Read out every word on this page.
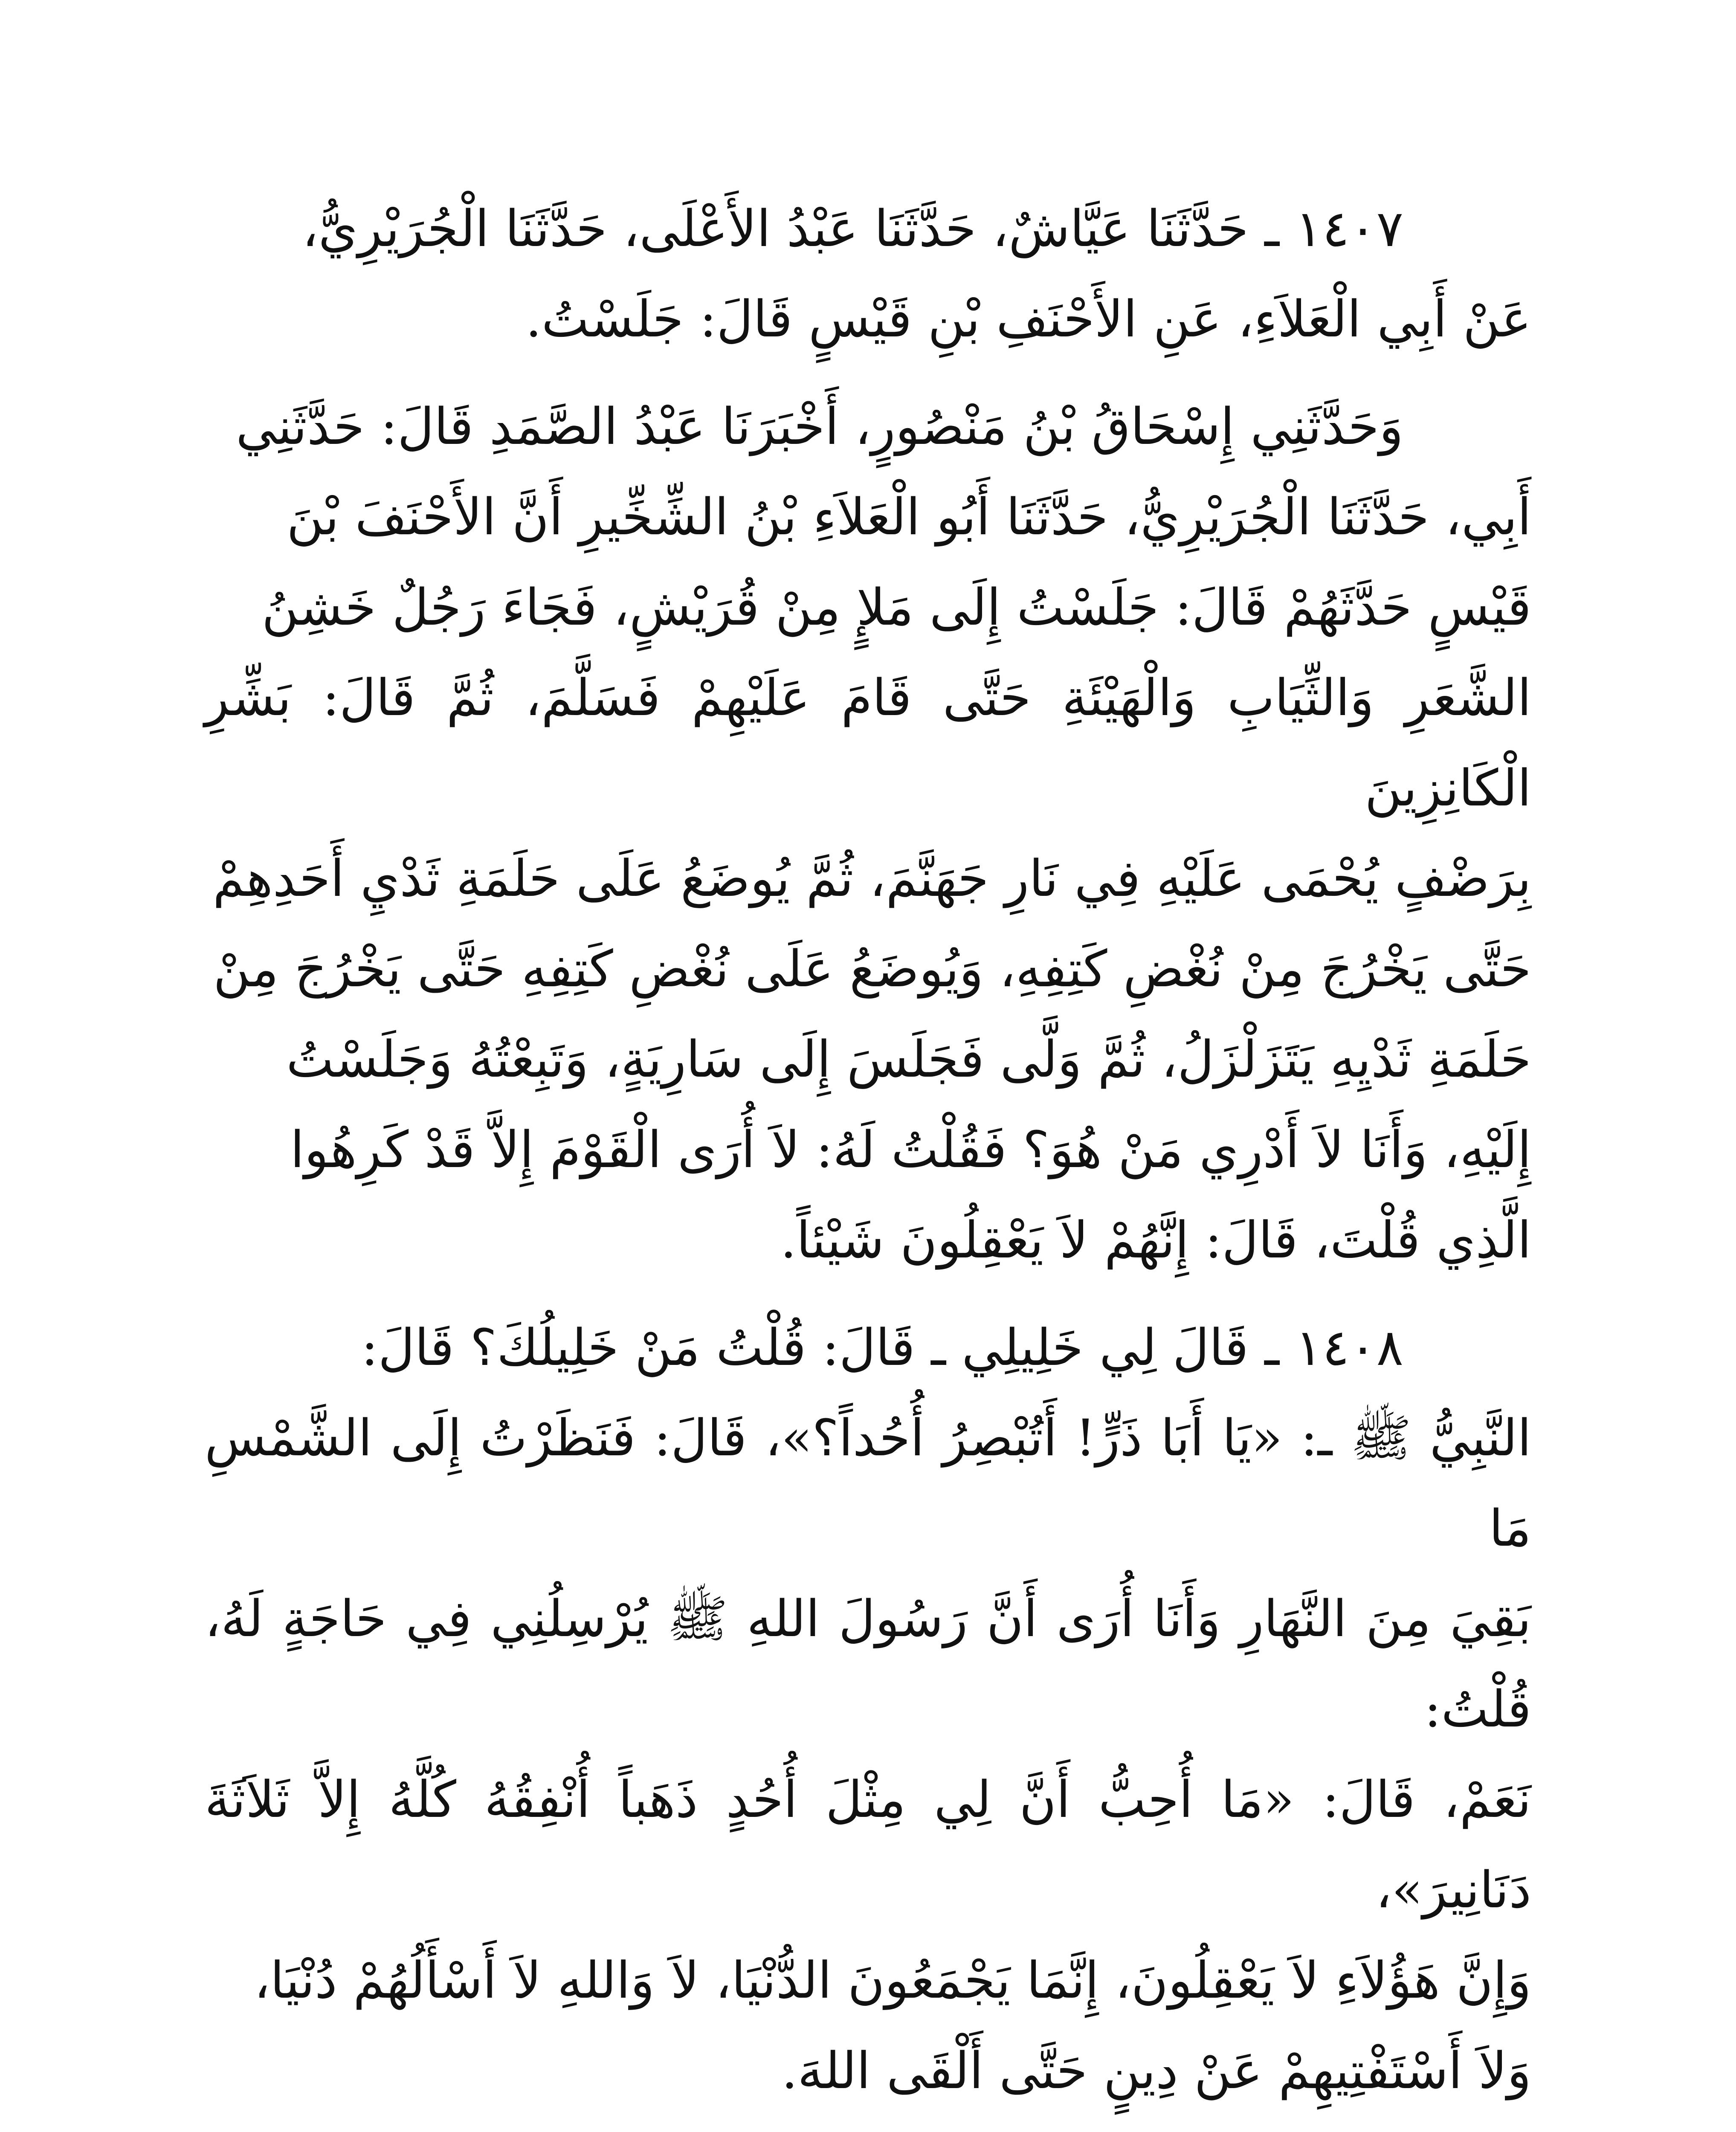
١٤٠٧ ـ حَدَّثَنَا عَيَّاشٌ، حَدَّثَنَا عَبْدُ الأَعْلَى، حَدَّثَنَا الْجُرَيْرِيُّ،
عَنْ أَبِي الْعَلاَءِ، عَنِ الأَحْنَفِ بْنِ قَيْسٍ قَالَ: جَلَسْتُ.

وَحَدَّثَنِي إِسْحَاقُ بْنُ مَنْصُورٍ، أَخْبَرَنَا عَبْدُ الصَّمَدِ قَالَ: حَدَّثَنِي
أَبِي، حَدَّثَنَا الْجُرَيْرِيُّ، حَدَّثَنَا أَبُو الْعَلاَءِ بْنُ الشِّخِّيرِ أَنَّ الأَحْنَفَ بْنَ
قَيْسٍ حَدَّثَهُمْ قَالَ: جَلَسْتُ إِلَى مَلإٍ مِنْ قُرَيْشٍ، فَجَاءَ رَجُلٌ خَشِنُ
الشَّعَرِ وَالثِّيَابِ وَالْهَيْئَةِ حَتَّى قَامَ عَلَيْهِمْ فَسَلَّمَ، ثُمَّ قَالَ: بَشِّرِ الْكَانِزِينَ
بِرَضْفٍ يُحْمَى عَلَيْهِ فِي نَارِ جَهَنَّمَ، ثُمَّ يُوضَعُ عَلَى حَلَمَةِ ثَدْيِ أَحَدِهِمْ
حَتَّى يَخْرُجَ مِنْ نُغْضِ كَتِفِهِ، وَيُوضَعُ عَلَى نُغْضِ كَتِفِهِ حَتَّى يَخْرُجَ مِنْ
حَلَمَةِ ثَدْيِهِ يَتَزَلْزَلُ، ثُمَّ وَلَّى فَجَلَسَ إِلَى سَارِيَةٍ، وَتَبِعْتُهُ وَجَلَسْتُ
إِلَيْهِ، وَأَنَا لاَ أَدْرِي مَنْ هُوَ؟ فَقُلْتُ لَهُ: لاَ أُرَى الْقَوْمَ إِلاَّ قَدْ كَرِهُوا
الَّذِي قُلْتَ، قَالَ: إِنَّهُمْ لاَ يَعْقِلُونَ شَيْئاً.

١٤٠٨ ـ قَالَ لِي خَلِيلِي ـ قَالَ: قُلْتُ مَنْ خَلِيلُكَ؟ قَالَ:
النَّبِيُّ ﷺ ـ: «يَا أَبَا ذَرٍّ! أَتُبْصِرُ أُحُداً؟»، قَالَ: فَنَظَرْتُ إِلَى الشَّمْسِ مَا
بَقِيَ مِنَ النَّهَارِ وَأَنَا أُرَى أَنَّ رَسُولَ اللهِ ﷺ يُرْسِلُنِي فِي حَاجَةٍ لَهُ، قُلْتُ:
نَعَمْ، قَالَ: «مَا أُحِبُّ أَنَّ لِي مِثْلَ أُحُدٍ ذَهَباً أُنْفِقُهُ كُلَّهُ إِلاَّ ثَلاَثَةَ دَنَانِيرَ»،
وَإِنَّ هَؤُلاَءِ لاَ يَعْقِلُونَ، إِنَّمَا يَجْمَعُونَ الدُّنْيَا، لاَ وَاللهِ لاَ أَسْأَلُهُمْ دُنْيَا،
وَلاَ أَسْتَفْتِيهِمْ عَنْ دِينٍ حَتَّى أَلْقَى اللهَ.
